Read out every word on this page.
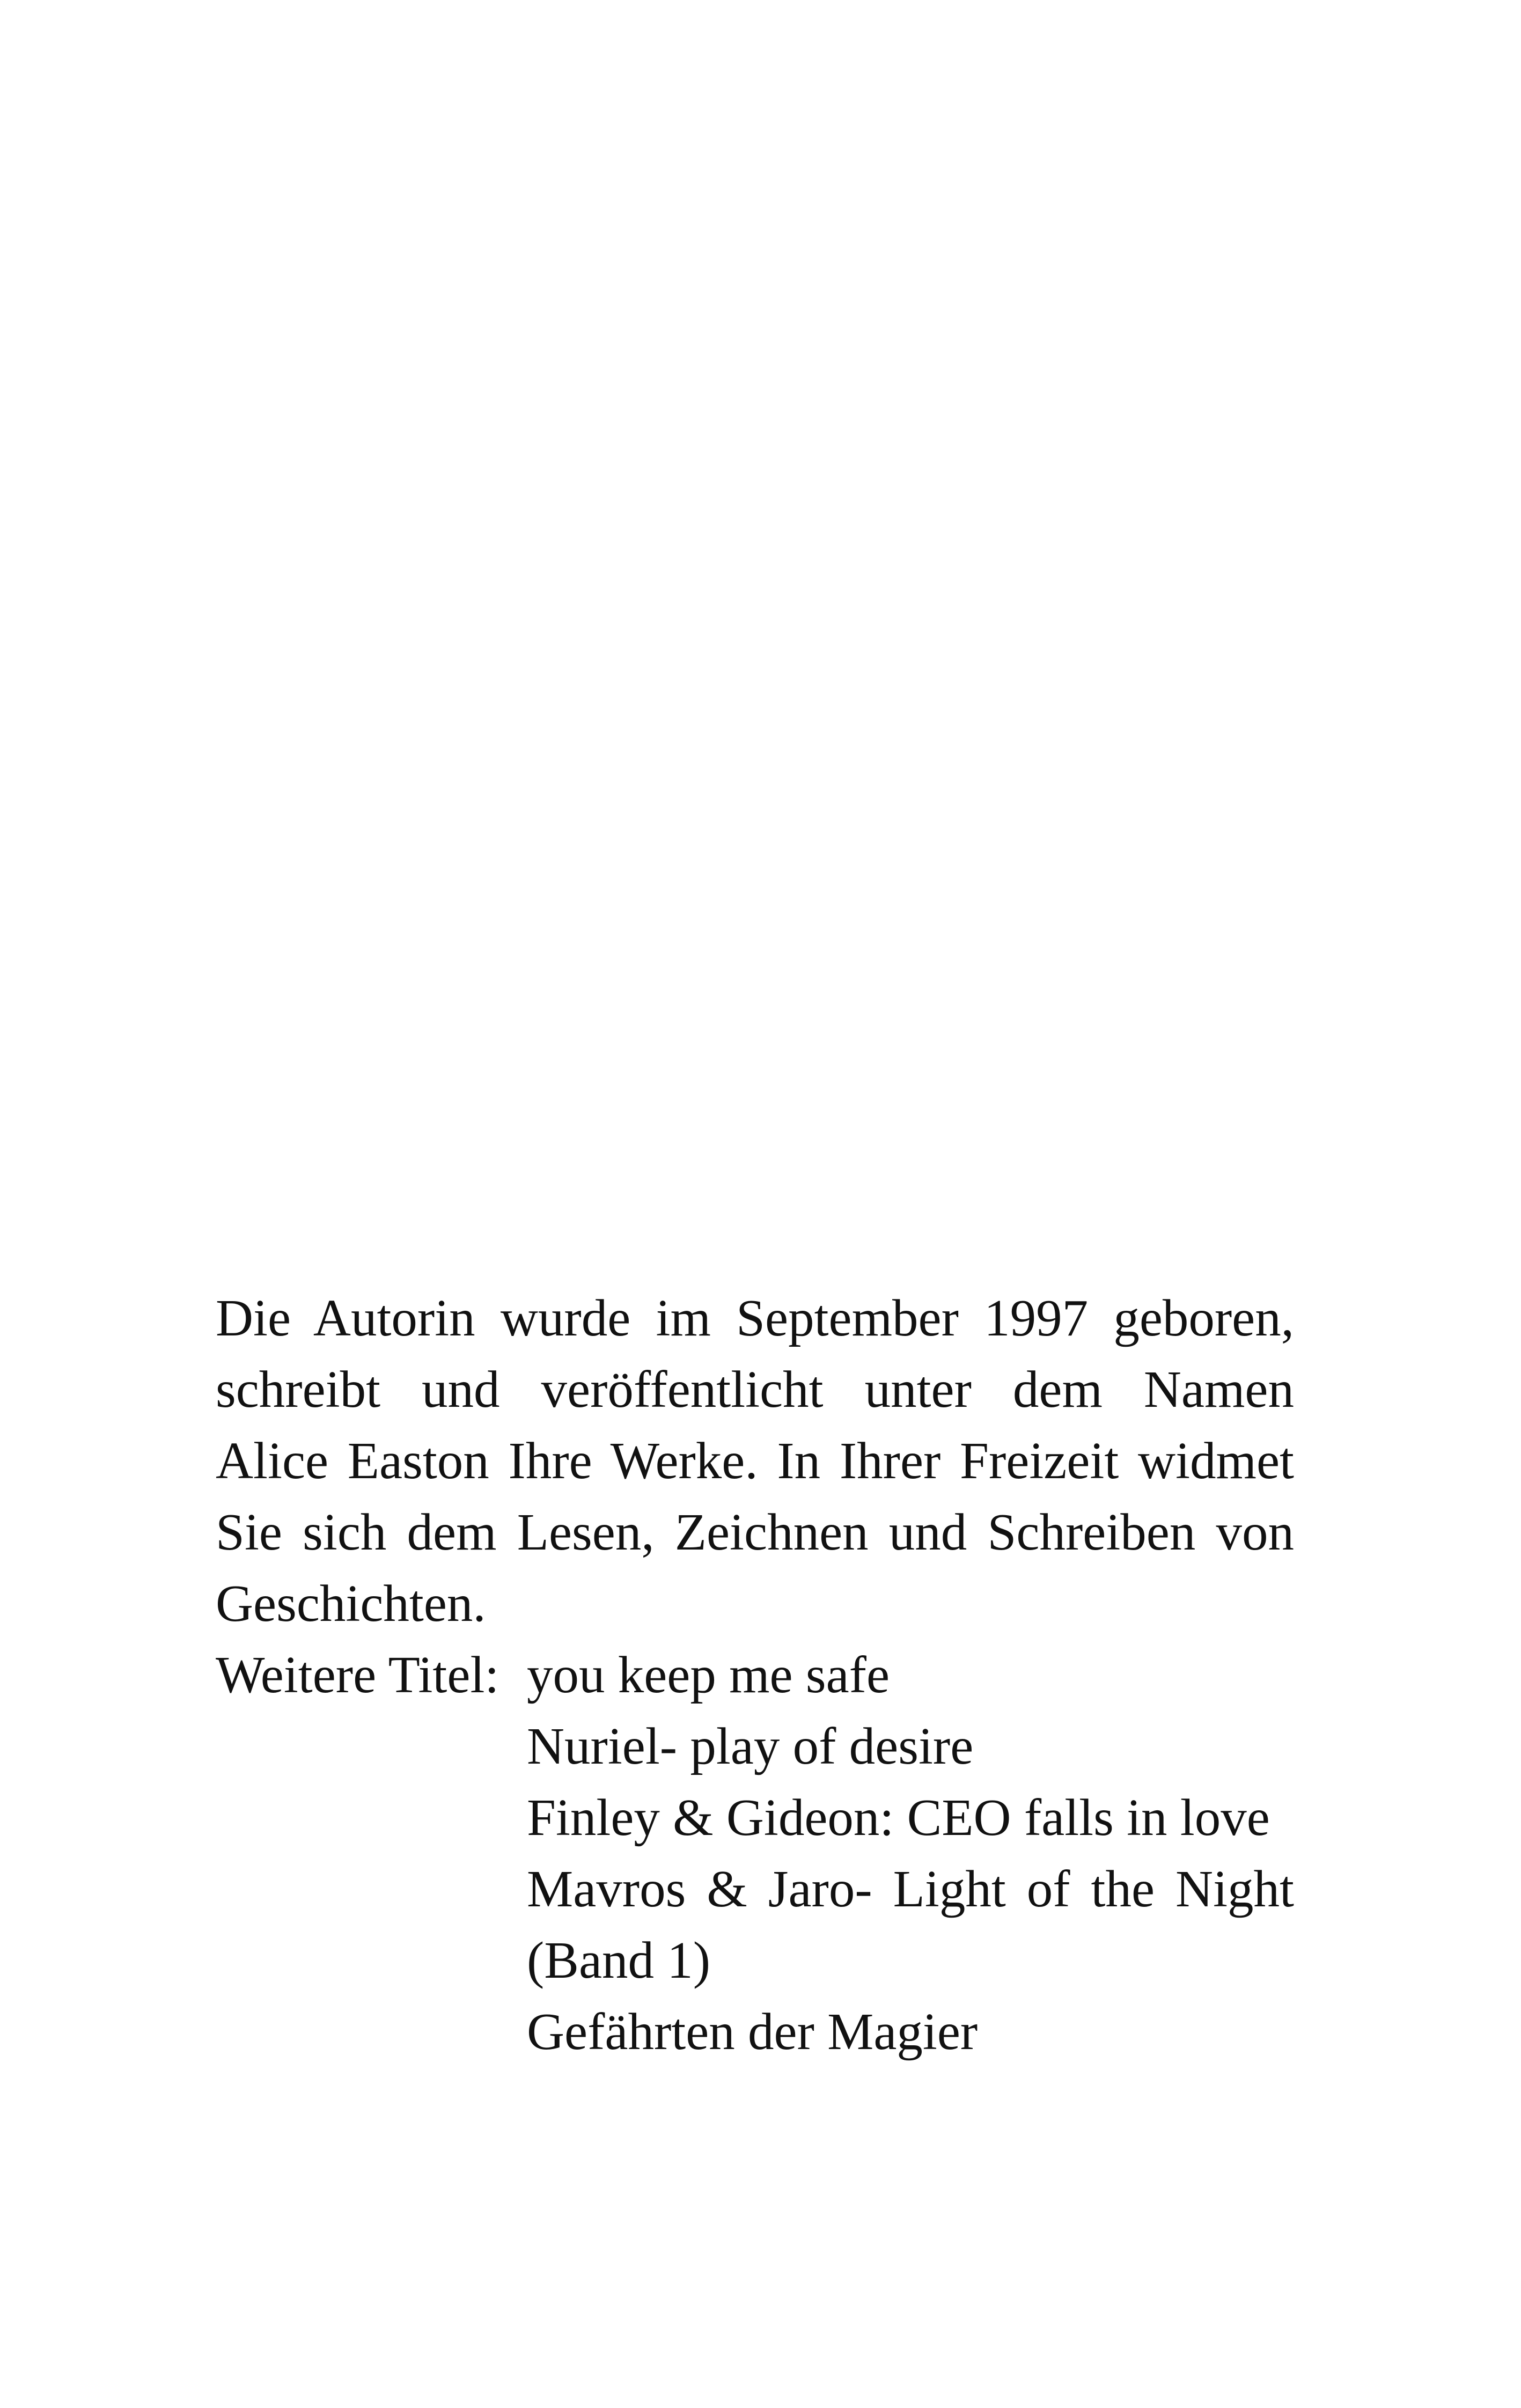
Die Autorin wurde im September 1997 geboren,
schreibt und veröffentlicht unter dem Namen
Alice Easton Ihre Werke. In Ihrer Freizeit widmet
Sie sich dem Lesen, Zeichnen und Schreiben von
Geschichten.

Weitere Titel: you keep me safe
Nuriel- play of desire
Finley & Gideon: CEO falls in love
Mavros & Jaro- Light of the Night
(Band 1)
Gefährten der Magier
